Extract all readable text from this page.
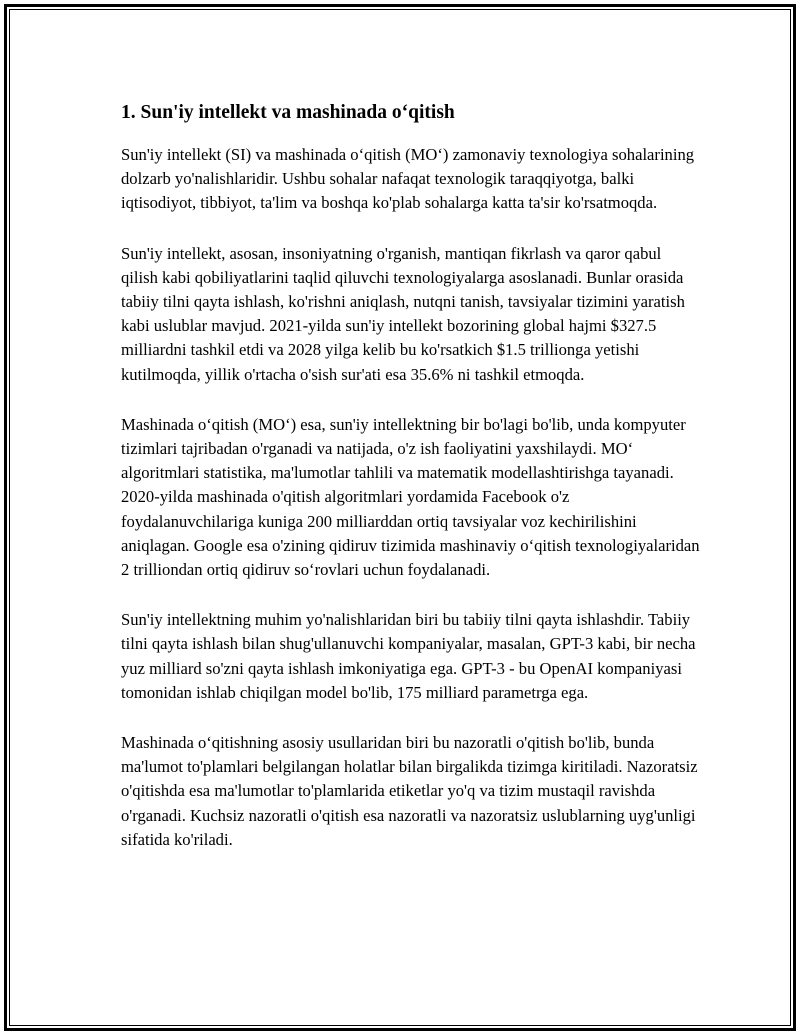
1. Sun'iy intellekt va mashinada o‘qitish

Sun'iy intellekt (SI) va mashinada o‘qitish (MO‘) zamonaviy texnologiya sohalarining dolzarb yo'nalishlaridir. Ushbu sohalar nafaqat texnologik taraqqiyotga, balki iqtisodiyot, tibbiyot, ta'lim va boshqa ko'plab sohalarga katta ta'sir ko'rsatmoqda.

Sun'iy intellekt, asosan, insoniyatning o'rganish, mantiqan fikrlash va qaror qabul qilish kabi qobiliyatlarini taqlid qiluvchi texnologiyalarga asoslanadi. Bunlar orasida tabiiy tilni qayta ishlash, ko'rishni aniqlash, nutqni tanish, tavsiyalar tizimini yaratish kabi uslublar mavjud. 2021-yilda sun'iy intellekt bozorining global hajmi $327.5 milliardni tashkil etdi va 2028 yilga kelib bu ko'rsatkich $1.5 trillionga yetishi kutilmoqda, yillik o'rtacha o'sish sur'ati esa 35.6% ni tashkil etmoqda.

Mashinada o‘qitish (MO‘) esa, sun'iy intellektning bir bo'lagi bo'lib, unda kompyuter tizimlari tajribadan o'rganadi va natijada, o'z ish faoliyatini yaxshilaydi. MO‘ algoritmlari statistika, ma'lumotlar tahlili va matematik modellashtirishga tayanadi. 2020-yilda mashinada o'qitish algoritmlari yordamida Facebook o'z foydalanuvchilariga kuniga 200 milliarddan ortiq tavsiyalar voz kechirilishini aniqlagan. Google esa o'zining qidiruv tizimida mashinaviy o‘qitish texnologiyalaridan 2 trilliondan ortiq qidiruv so‘rovlari uchun foydalanadi.

Sun'iy intellektning muhim yo'nalishlaridan biri bu tabiiy tilni qayta ishlashdir. Tabiiy tilni qayta ishlash bilan shug'ullanuvchi kompaniyalar, masalan, GPT-3 kabi, bir necha yuz milliard so'zni qayta ishlash imkoniyatiga ega. GPT-3 - bu OpenAI kompaniyasi tomonidan ishlab chiqilgan model bo'lib, 175 milliard parametrga ega.

Mashinada o‘qitishning asosiy usullaridan biri bu nazoratli o'qitish bo'lib, bunda ma'lumot to'plamlari belgilangan holatlar bilan birgalikda tizimga kiritiladi. Nazoratsiz o'qitishda esa ma'lumotlar to'plamlarida etiketlar yo'q va tizim mustaqil ravishda o'rganadi. Kuchsiz nazoratli o'qitish esa nazoratli va nazoratsiz uslublarning uyg'unligi sifatida ko'riladi.
